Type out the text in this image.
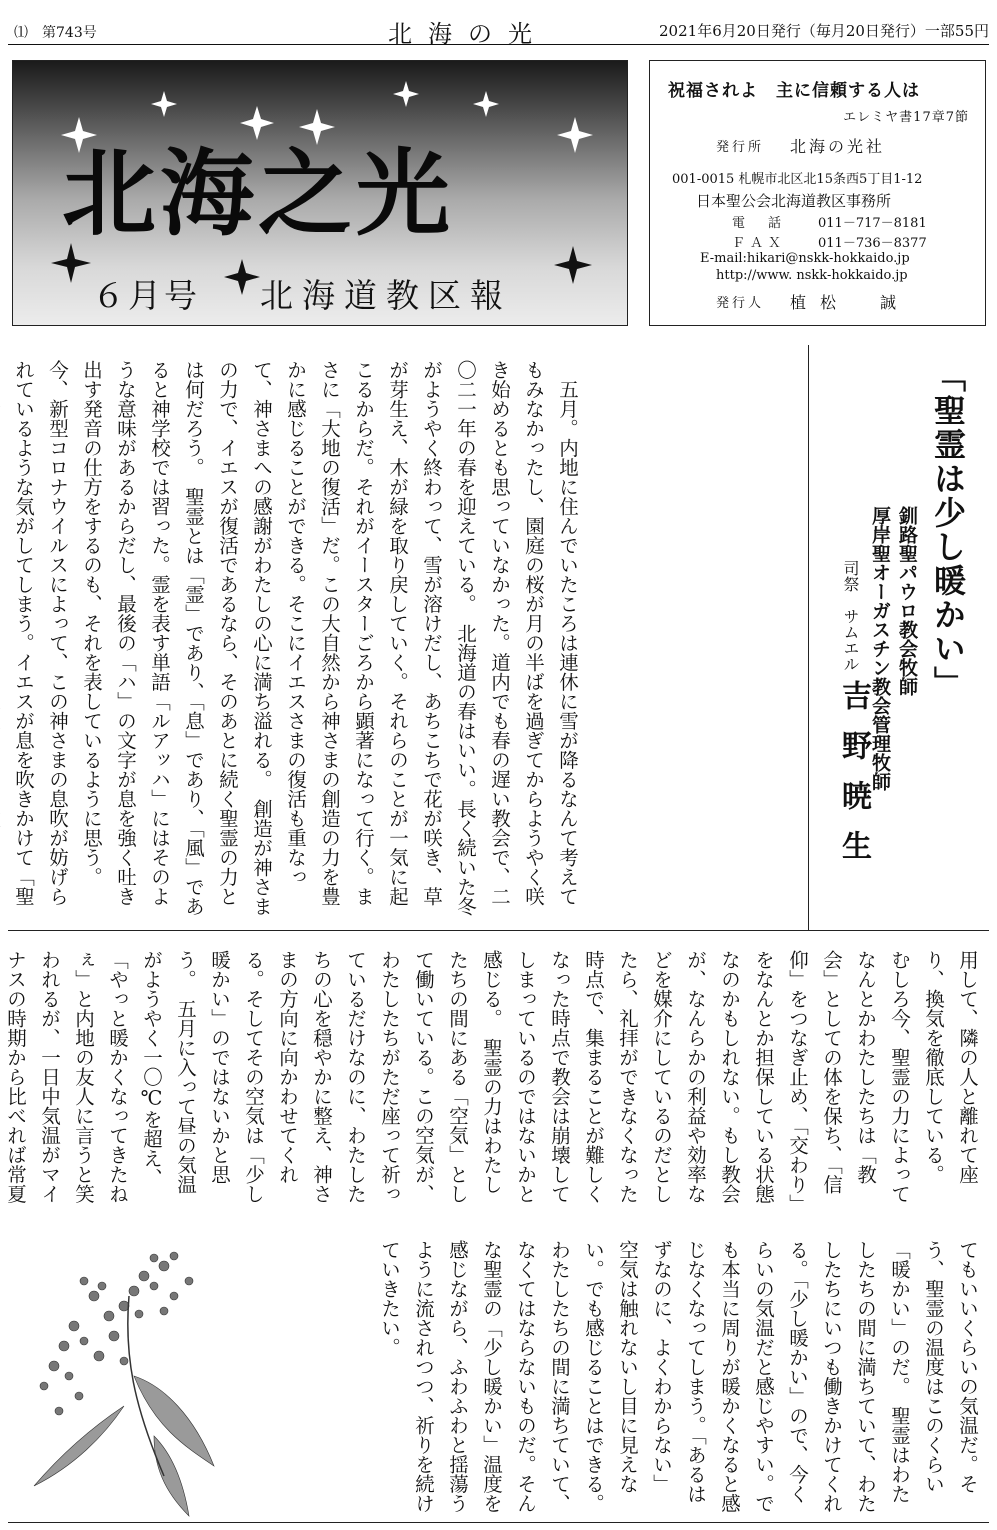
⑴　第743号	北海の光	2021年6月20日発行（毎月20日発行）一部55円
北海之光
６月号 北海道教区報
祝福されよ　主に信頼する人は
エレミヤ書17章7節
発行所 北海の光社
001-0015 札幌市北区北15条西5丁目1-12
日本聖公会北海道教区事務所
電　話 011－717－8181
ＦＡＸ 011－736－8377
E-mail:hikari@nskk-hokkaido.jp
http://www. nskk-hokkaido.jp
発行人 植松　誠
「聖霊は少し暖かい」
釧路聖パウロ教会牧師
厚岸聖オーガスチン教会管理牧師
司祭　サムエル
吉野暁生
　五月。内地に住んでいたころは連休に雪が降るなんて考えてもみなかったし、園庭の桜が月の半ばを過ぎてからようやく咲き始めるとも思っていなかった。道内でも春の遅い教会で、二〇二一年の春を迎えている。　北海道の春はいい。長く続いた冬がようやく終わって、雪が溶けだし、あちこちで花が咲き、草が芽生え、木が緑を取り戻していく。それらのことが一気に起こるからだ。それがイースターごろから顕著になって行く。まさに「大地の復活」だ。この大自然から神さまの創造の力を豊かに感じることができる。そこにイエスさまの復活も重なって、神さまへの感謝がわたしの心に満ち溢れる。　創造が神さまの力で、イエスが復活であるなら、そのあとに続く聖霊の力とは何だろう。　聖霊とは「霊」であり、「息」であり、「風」であると神学校では習った。霊を表す単語「ルアッハ」にはそのような意味があるからだし、最後の「ハ」の文字が息を強く吐き出す発音の仕方をするのも、それを表しているように思う。　今、新型コロナウイルスによって、この神さまの息吹が妨げられているような気がしてしまう。イエスが息を吹きかけて「聖
用して、隣の人と離れて座り、換気を徹底している。　むしろ今、聖霊の力によってなんとかわたしたちは「教会」としての体を保ち、「信仰」をつなぎ止め、「交わり」をなんとか担保している状態なのかもしれない。もし教会が、なんらかの利益や効率などを媒介にしているのだとしたら、礼拝ができなくなった時点で、集まることが難しくなった時点で教会は崩壊してしまっているのではないかと感じる。　聖霊の力はわたしたちの間にある「空気」として働いている。この空気が、わたしたちがただ座って祈っているだけなのに、わたしたちの心を穏やかに整え、神さまの方向に向かわせてくれる。そしてその空気は「少し暖かい」のではないかと思う。　五月に入って昼の気温がようやく一〇℃を超え、「やっと暖かくなってきたねぇ」と内地の友人に言うと笑われるが、一日中気温がマイナスの時期から比べれば常夏
てもいいくらいの気温だ。そう、聖霊の温度はこのくらい「暖かい」のだ。　聖霊はわたしたちの間に満ちていて、わたしたちにいつも働きかけてくれる。「少し暖かい」ので、今くらいの気温だと感じやすい。でも本当に周りが暖かくなると感じなくなってしまう。「あるはずなのに、よくわからない」　空気は触れないし目に見えない。でも感じることはできる。わたしたちの間に満ちていて、なくてはならないものだ。そんな聖霊の「少し暖かい」温度を感じながら、ふわふわと揺蕩うように流されつつ、祈りを続けていきたい。
